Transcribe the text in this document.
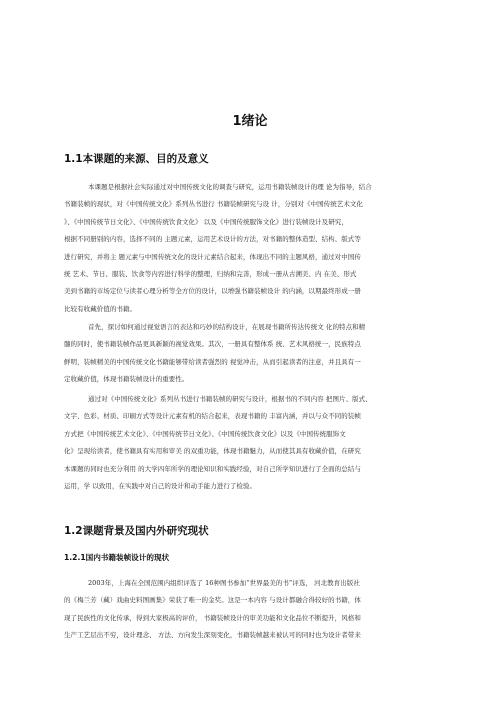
1绪论
1.1本课题的来源、目的及意义
本课题是根据社会实际通过对中国传统文化的调查与研究，运用书籍装帧设计的理 论为指导，结合
书籍装帧的现状，对《中国传统文化》系列丛书进行 书籍装帧研究与设 计，分别对《中国传统艺术文化
》、《中国传统节日文化》、《中国传统饮食文化》 以及《中国传统服饰文化》进行装帧设计及研究，
根据不同册别的内容，选择不同的 主题元素，运用艺术设计的方法，对书籍的整体造型、结构、版式等
进行研究，并将主 题元素与中国传统文化的设计元素结合起来，体现出不同的主题风格，通过对中国传
统 艺术、节日、服装、饮食等内容进行科学的整理，归纳和完善，形成一册从古溯美、内 在美、形式
美到书籍的市场定位与读者心理分析等全方位的设计，以增强书籍装帧设计 的内涵，以期最终形成一册
比较有收藏价值的书籍。
首先，探讨如何通过视觉语言的表达和巧妙的结构设计，在展现书籍所传达传统文 化的特点和精
髓的同时，使书籍装帧作品更具新颖的视觉效果。其次，一册具有整体系 统、艺术风格统一，民族特点
鲜明，装帧精美的中国传统文化书籍能够带给读者强烈的 视觉冲击，从而引起读者的注意，并且具有一
定收藏价值，体现书籍装帧设计的重要性。
通过对《中国传统文化》系列丛书进行书籍装帧的研究与设计，根据书的不同内容 把图片、版式、
文字、色彩、材质、印刷方式等设计元素有机的结合起来，表现书籍的 丰富内涵，并以与众不同的装帧
方式把《中国传统艺术文化》、《中国传统节日文化》、《中国传统饮食文化》以及《中国传统服饰文
化》呈现给读者，使书籍具有实用和审美 的双重功能，体现书籍魅力，从而使其具有收藏价值，在研究
本课题的同时也充分利用 的大学四年所学的理论知识和实践经验，对自己所学知识进行了全面的总结与
运用，学 以致用，在实践中对自己的设计和动手能力进行了检验。
1.2课题背景及国内外研究现状
1.2.1国内书籍装帧设计的现状
2003年，上海在全国范围内组织评选了 16种图书参加“世界最美的书”评选， 河北教育出版社
的《梅兰芳（藏）戏曲史料图画集》荣获了唯一的金奖。这是一本内容 与设计都融合得较好的书籍，体
现了民族性的文化传承，得到大家极高的评价， 书籍装帧设计的审美功能和文化品位不断提升，风格和
生产工艺层出不穷，设计理念、 方法、方向发生深刻变化，书籍装帧越来被认可的同时也为设计者带来
